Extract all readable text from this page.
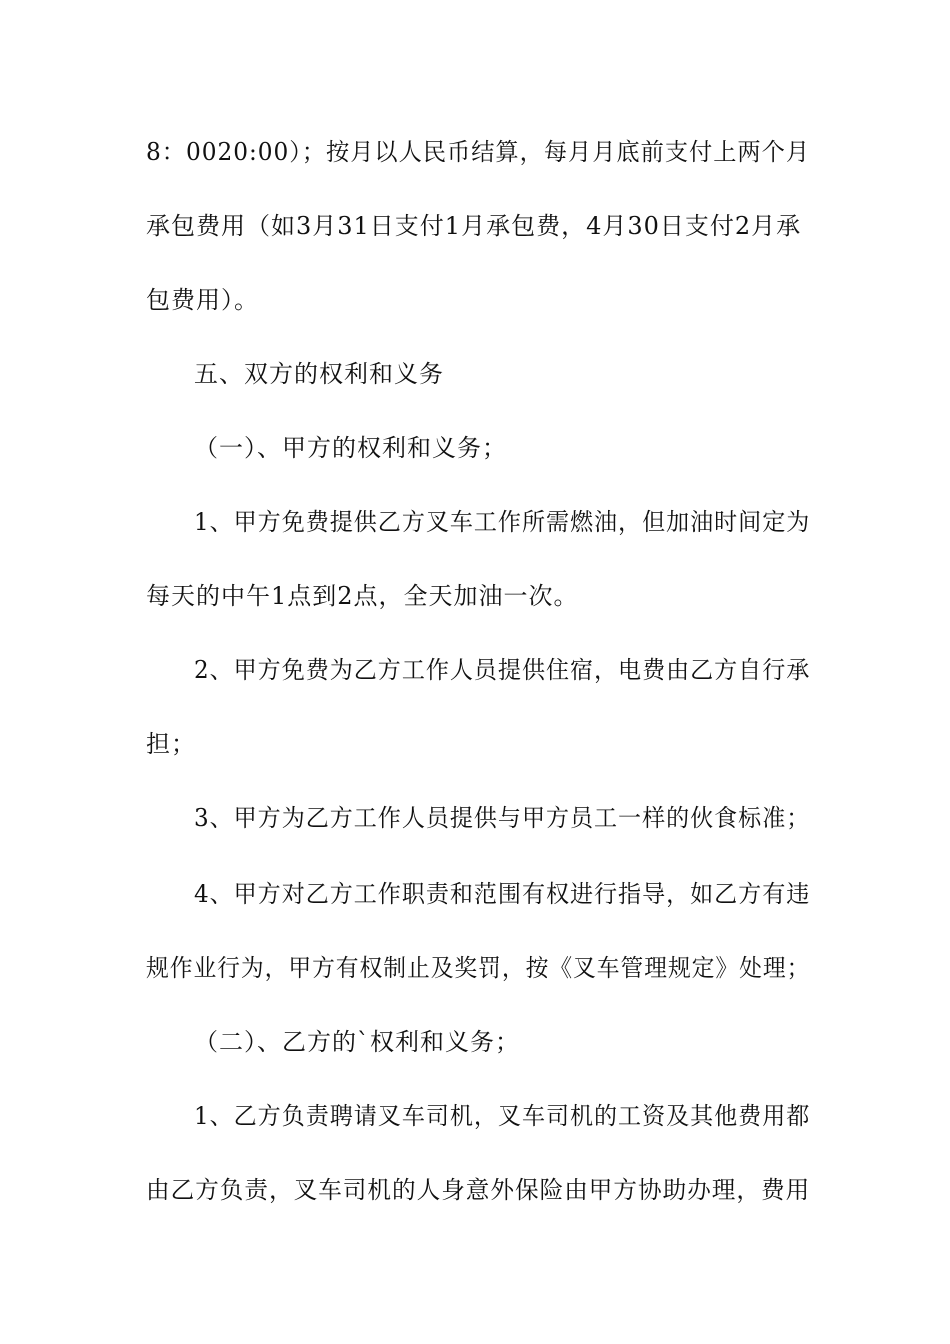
8：0020:00）；按月以人民币结算，每月月底前支付上两个月
承包费用（如3月31日支付1月承包费，4月30日支付2月承
包费用）。
五、双方的权利和义务
（一）、甲方的权利和义务；
1、甲方免费提供乙方叉车工作所需燃油，但加油时间定为
每天的中午1点到2点，全天加油一次。
2、甲方免费为乙方工作人员提供住宿，电费由乙方自行承
担；
3、甲方为乙方工作人员提供与甲方员工一样的伙食标准；
4、甲方对乙方工作职责和范围有权进行指导，如乙方有违
规作业行为，甲方有权制止及奖罚，按《叉车管理规定》处理；
（二）、乙方的`权利和义务；
1、乙方负责聘请叉车司机，叉车司机的工资及其他费用都
由乙方负责，叉车司机的人身意外保险由甲方协助办理，费用
